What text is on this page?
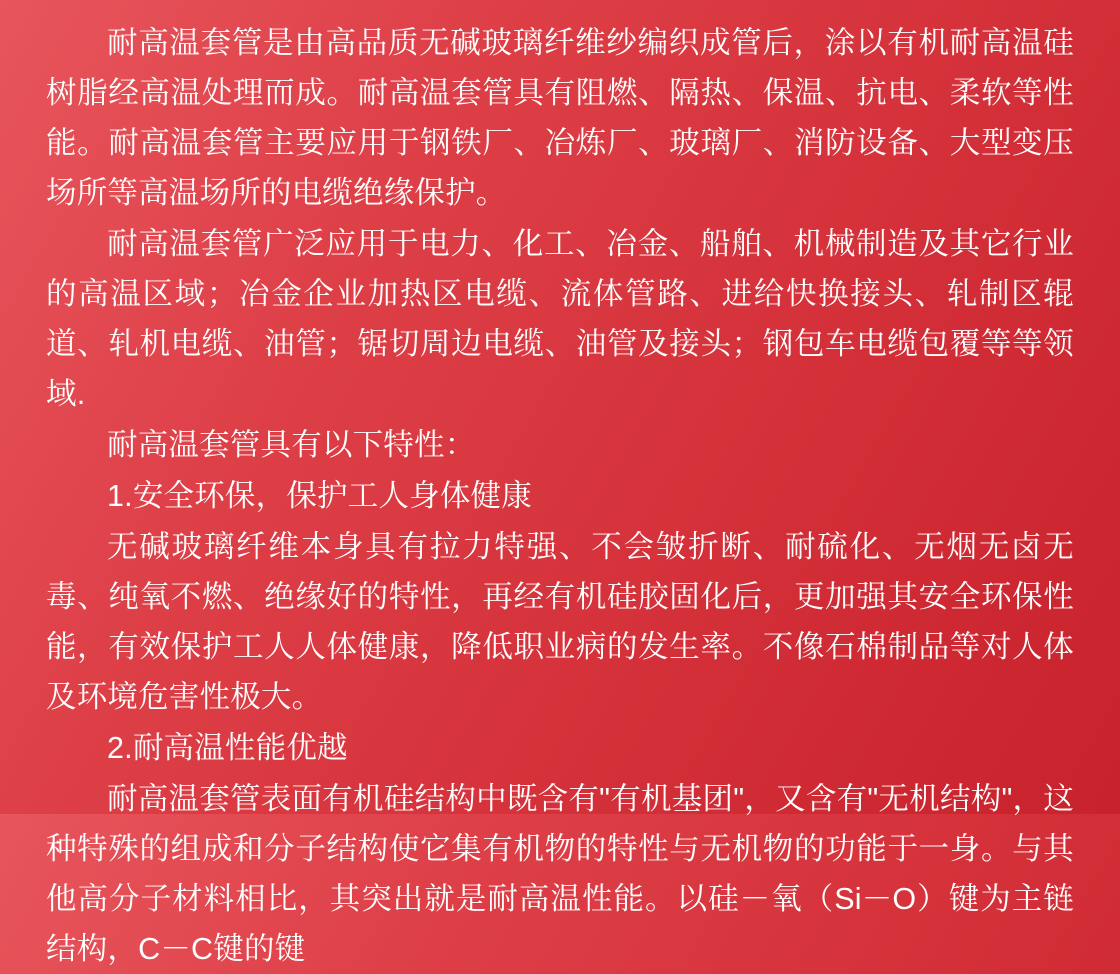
耐高温套管是由高品质无碱玻璃纤维纱编织成管后，涂以有机耐高温硅树脂经高温处理而成。耐高温套管具有阻燃、隔热、保温、抗电、柔软等性能。耐高温套管主要应用于钢铁厂、冶炼厂、玻璃厂、消防设备、大型变压场所等高温场所的电缆绝缘保护。

耐高温套管广泛应用于电力、化工、冶金、船舶、机械制造及其它行业的高温区域；冶金企业加热区电缆、流体管路、进给快换接头、轧制区辊道、轧机电缆、油管；锯切周边电缆、油管及接头；钢包车电缆包覆等等领域.

耐高温套管具有以下特性：

1.安全环保，保护工人身体健康

无碱玻璃纤维本身具有拉力特强、不会皱折断、耐硫化、无烟无卤无毒、纯氧不燃、绝缘好的特性，再经有机硅胶固化后，更加强其安全环保性能，有效保护工人人体健康，降低职业病的发生率。不像石棉制品等对人体及环境危害性极大。

2.耐高温性能优越

耐高温套管表面有机硅结构中既含有"有机基团"，又含有"无机结构"，这种特殊的组成和分子结构使它集有机物的特性与无机物的功能于一身。与其他高分子材料相比，其突出就是耐高温性能。以硅－氧（Si－O）键为主链结构，C－C键的键
